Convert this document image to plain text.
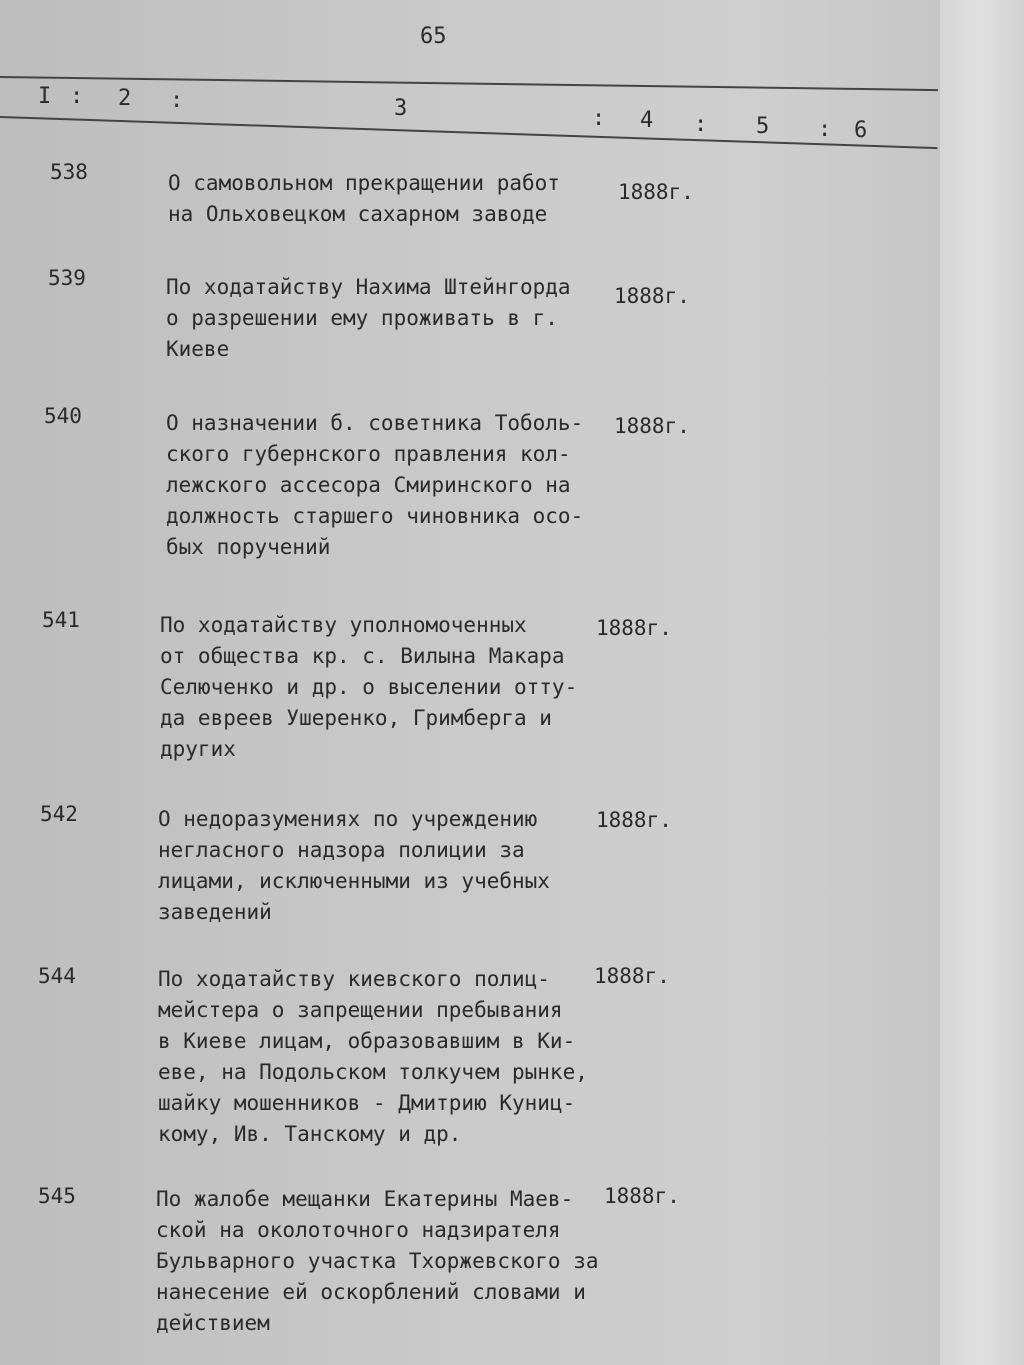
65
I : 2 :	3	: 4 : 5 : 6
538	О самовольном прекращении работ
на Ольховецком сахарном заводе
1888г.
539	По ходатайству Нахима Штейнгорда
о разрешении ему проживать в г.
Киеве
1888г.
540	О назначении б. советника Тоболь-
ского губернского правления кол-
лежского ассесора Смиринского на
должность старшего чиновника осо-
бых поручений
1888г.
541	По ходатайству уполномоченных
от общества кр. с. Вилына Макара
Селюченко и др. о выселении отту-
да евреев Ушеренко, Гримберга и
других
1888г.
542	О недоразумениях по учреждению
негласного надзора полиции за
лицами, исключенными из учебных
заведений
1888г.
544	По ходатайству киевского полиц-
мейстера о запрещении пребывания
в Киеве лицам, образовавшим в Ки-
еве, на Подольском толкучем рынке,
шайку мошенников - Дмитрию Куниц-
кому, Ив. Танскому и др.
1888г.
545	По жалобе мещанки Екатерины Маев-
ской на околоточного надзирателя
Бульварного участка Тхоржевского за
нанесение ей оскорблений словами и
действием
1888г.
